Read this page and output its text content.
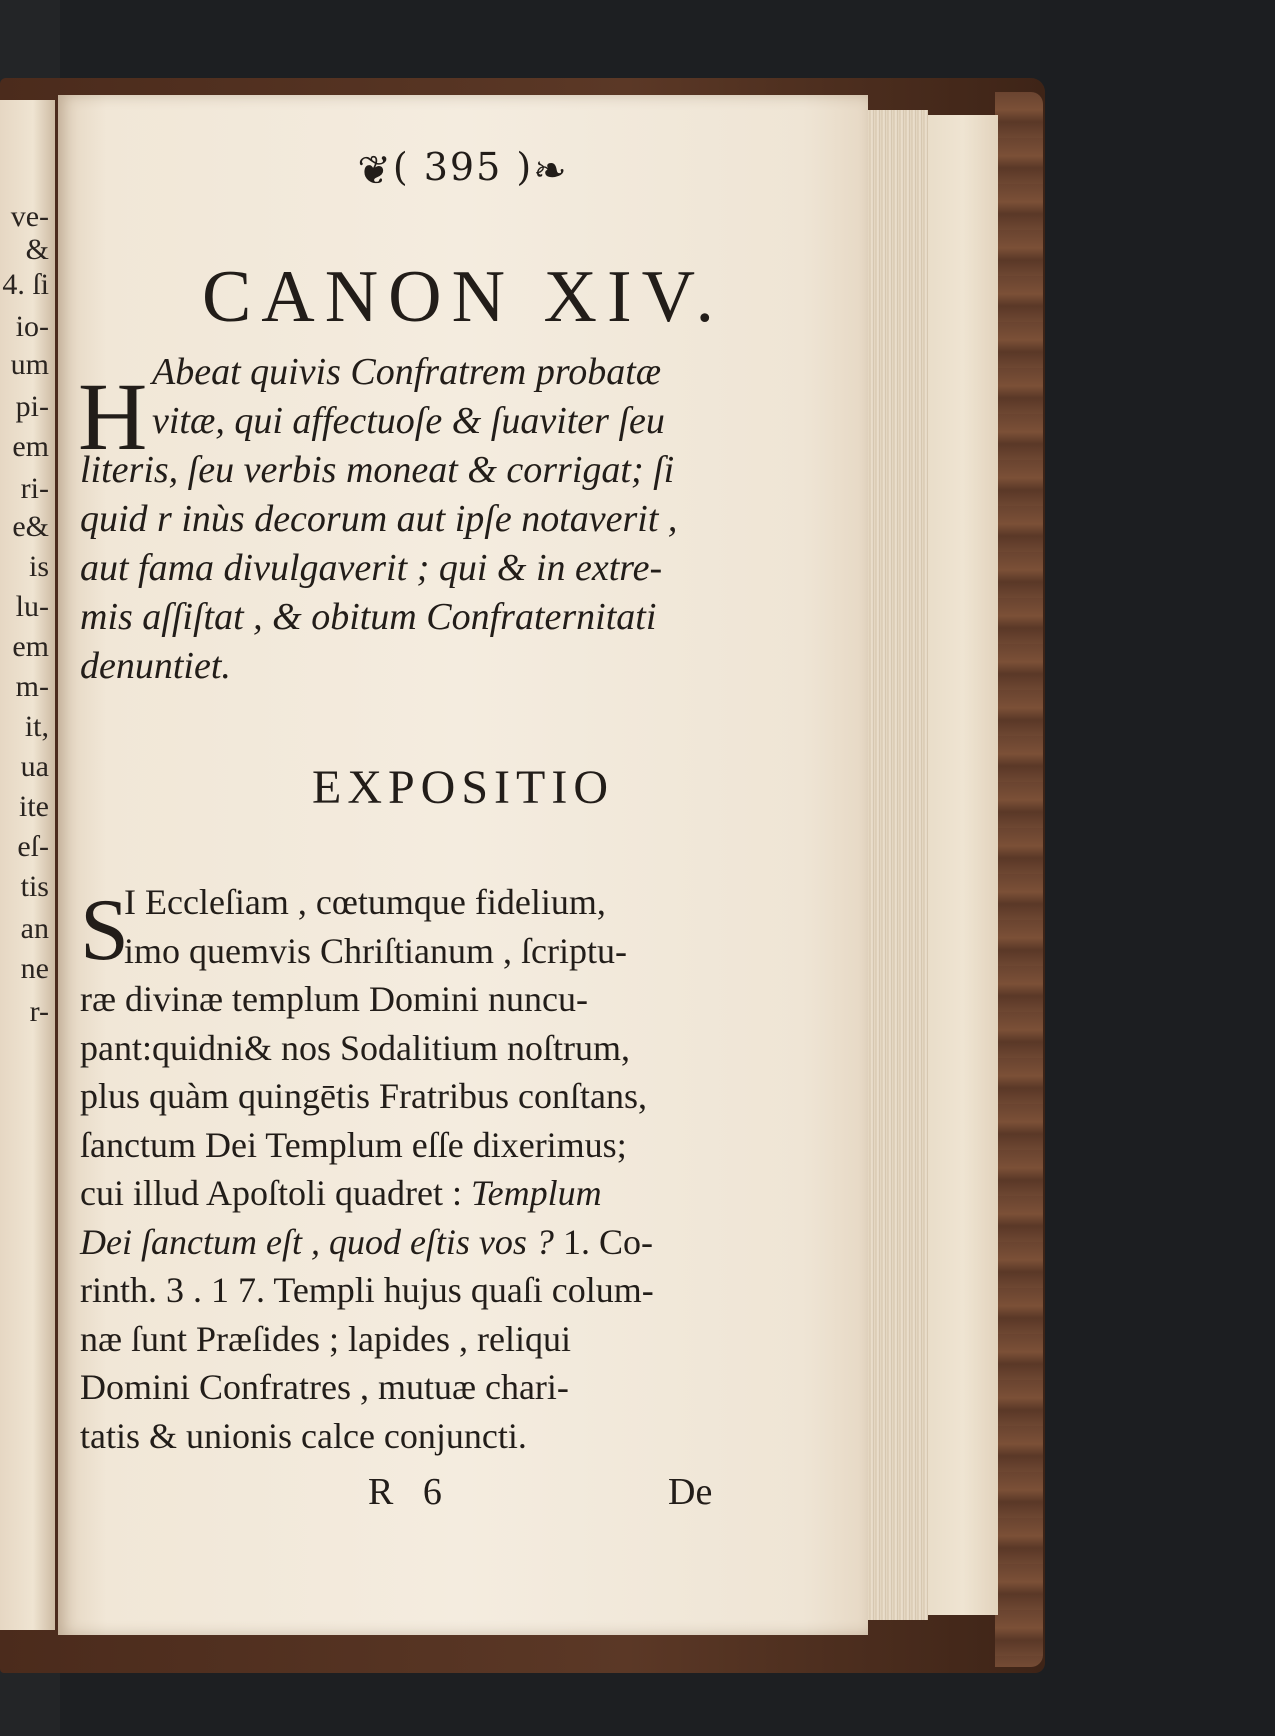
ve-
&
4. ſi
io-
um
pi-
em
ri-
e&
is
lu-
em
m-
it,
ua
ite
eſ-
tis
an
ne
r-
❦( 395 )❧
CANON XIV.
H Abeat quivis Confratrem probatæ
vitæ, qui affectuoſe & ſuaviter ſeu
literis, ſeu verbis moneat & corrigat; ſi
quid r inùs decorum aut ipſe notaverit ,
aut fama divulgaverit ; qui & in extre-
mis aſſiſtat , & obitum Confraternitati
denuntiet.
EXPOSITIO
S
I Eccleſiam , cœtumque fidelium,
imo quemvis Chriſtianum , ſcriptu-
ræ divinæ templum Domini nuncu-
pant:quidni& nos Sodalitium noſtrum,
plus quàm quingētis Fratribus conſtans,
ſanctum Dei Templum eſſe dixerimus;
cui illud Apoſtoli quadret : Templum
Dei ſanctum eſt , quod eſtis vos ? 1. Co-
rinth. 3 . 1 7. Templi hujus quaſi colum-
næ ſunt Præſides ; lapides , reliqui
Domini Confratres , mutuæ chari-
tatis & unionis calce conjuncti.
R 6	De
